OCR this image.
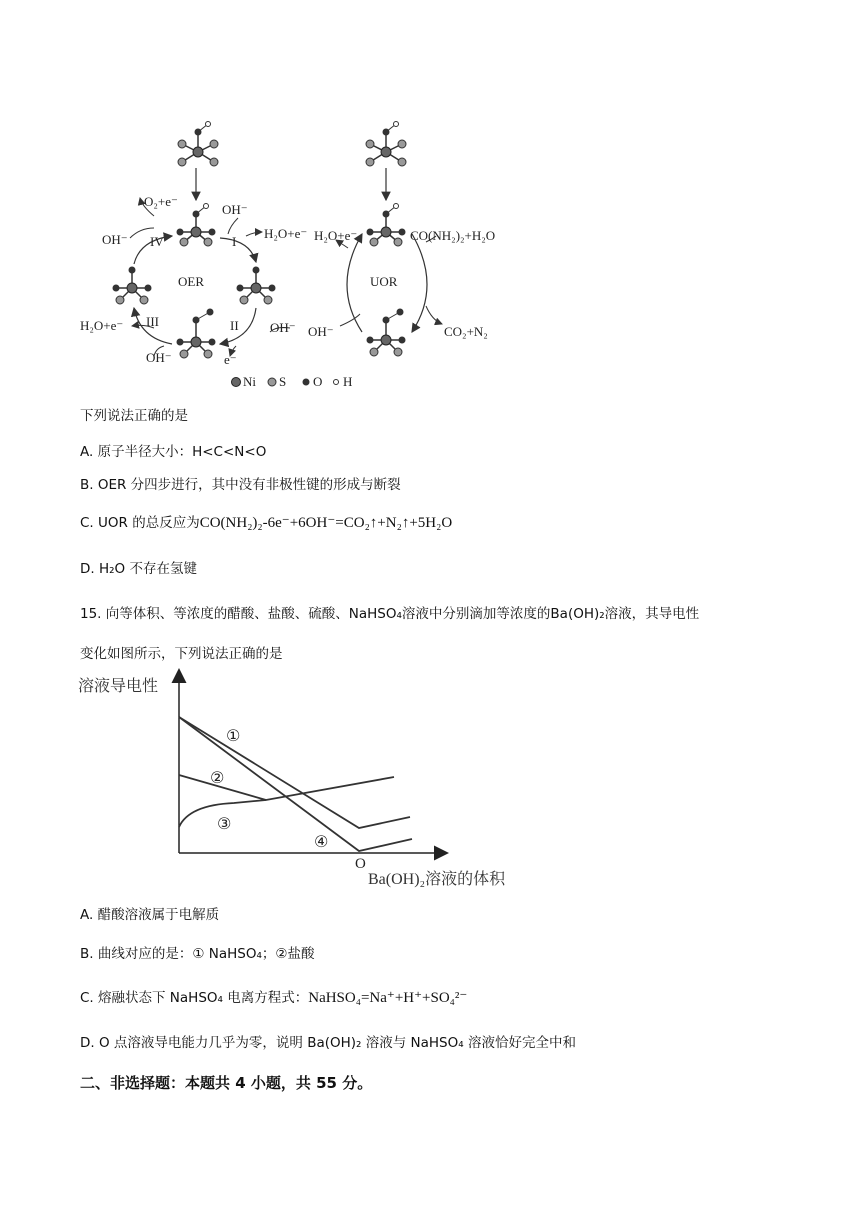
O₂+e⁻
OH⁻
OH⁻ IV	I
H₂O+e⁻
OER
III	II
H₂O+e⁻	OH⁻
OH⁻	e⁻
H₂O+e⁻	CO(NH₂)₂+H₂O
UOR
OH⁻	CO₂+N₂
Ni S O H
下列说法正确的是
A. 原子半径大小：H<C<N<O
B. OER 分四步进行，其中没有非极性键的形成与断裂
C. UOR 的总反应为CO(NH₂)₂-6e⁻+6OH⁻=CO₂↑+N₂↑+5H₂O
D. H₂O 不存在氢键
15. 向等体积、等浓度的醋酸、盐酸、硫酸、NaHSO₄溶液中分别滴加等浓度的Ba(OH)₂溶液，其导电性
变化如图所示，下列说法正确的是
溶液导电性
①
②
③
④
O
Ba(OH)₂溶液的体积
A. 醋酸溶液属于电解质
B. 曲线对应的是：① NaHSO₄；②盐酸
C. 熔融状态下 NaHSO₄ 电离方程式：NaHSO₄=Na⁺+H⁺+SO₄²⁻
D. O 点溶液导电能力几乎为零，说明 Ba(OH)₂ 溶液与 NaHSO₄ 溶液恰好完全中和
二、非选择题：本题共 4 小题，共 55 分。
